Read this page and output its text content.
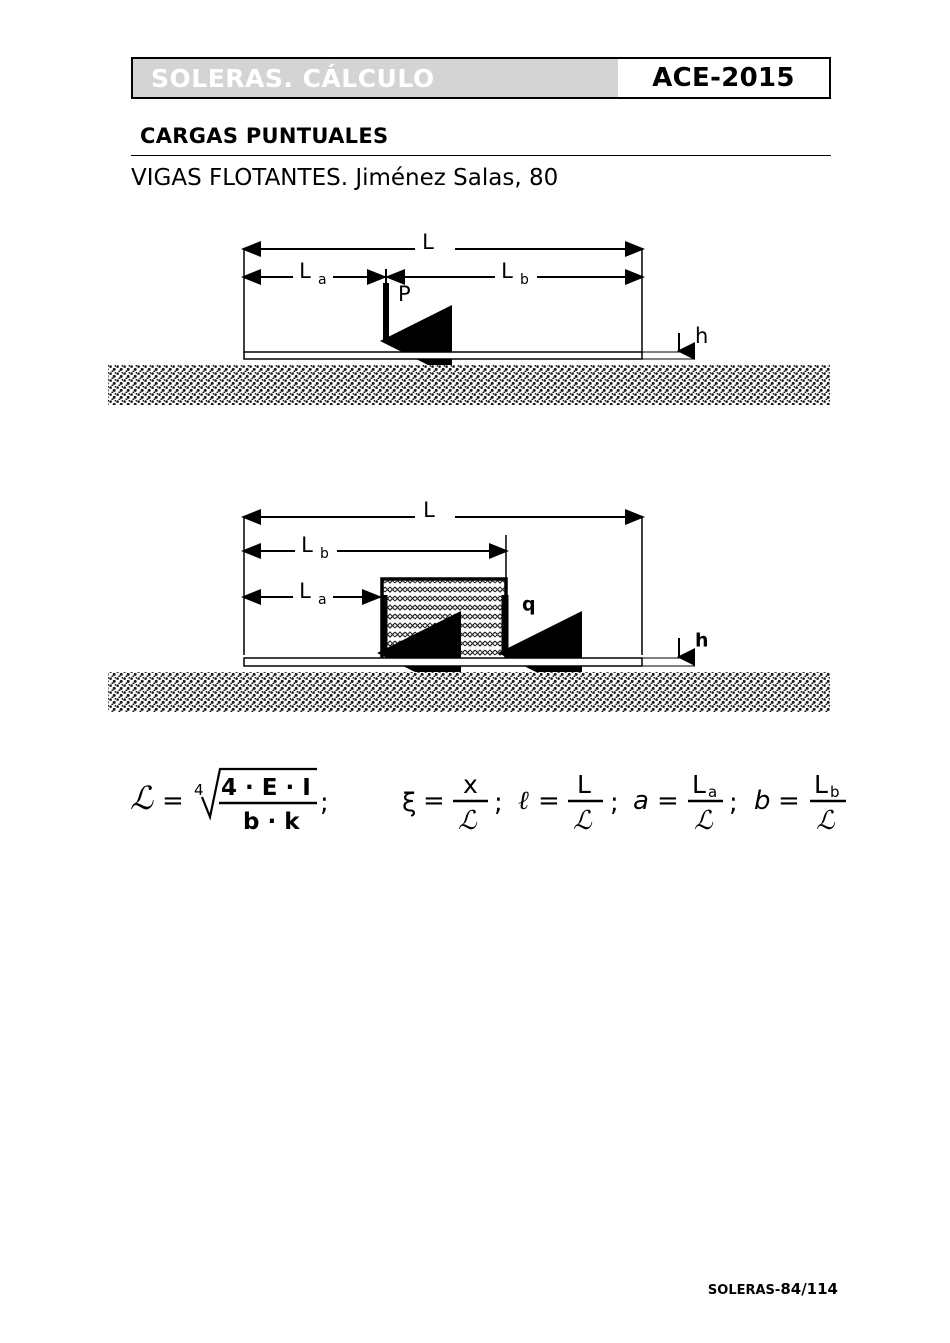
SOLERAS. CÁLCULO	ACE-2015
CARGAS PUNTUALES
VIGAS FLOTANTES. Jiménez Salas, 80
L
L a	L b
P
h
L
L b
L a	q
h
ℒ = 4 4 · E · I
b · k
;	ξ =
x
ℒ
; ℓ =
L
ℒ
; a =
L a
ℒ
; b =
L b
ℒ
SOLERAS-84/114
